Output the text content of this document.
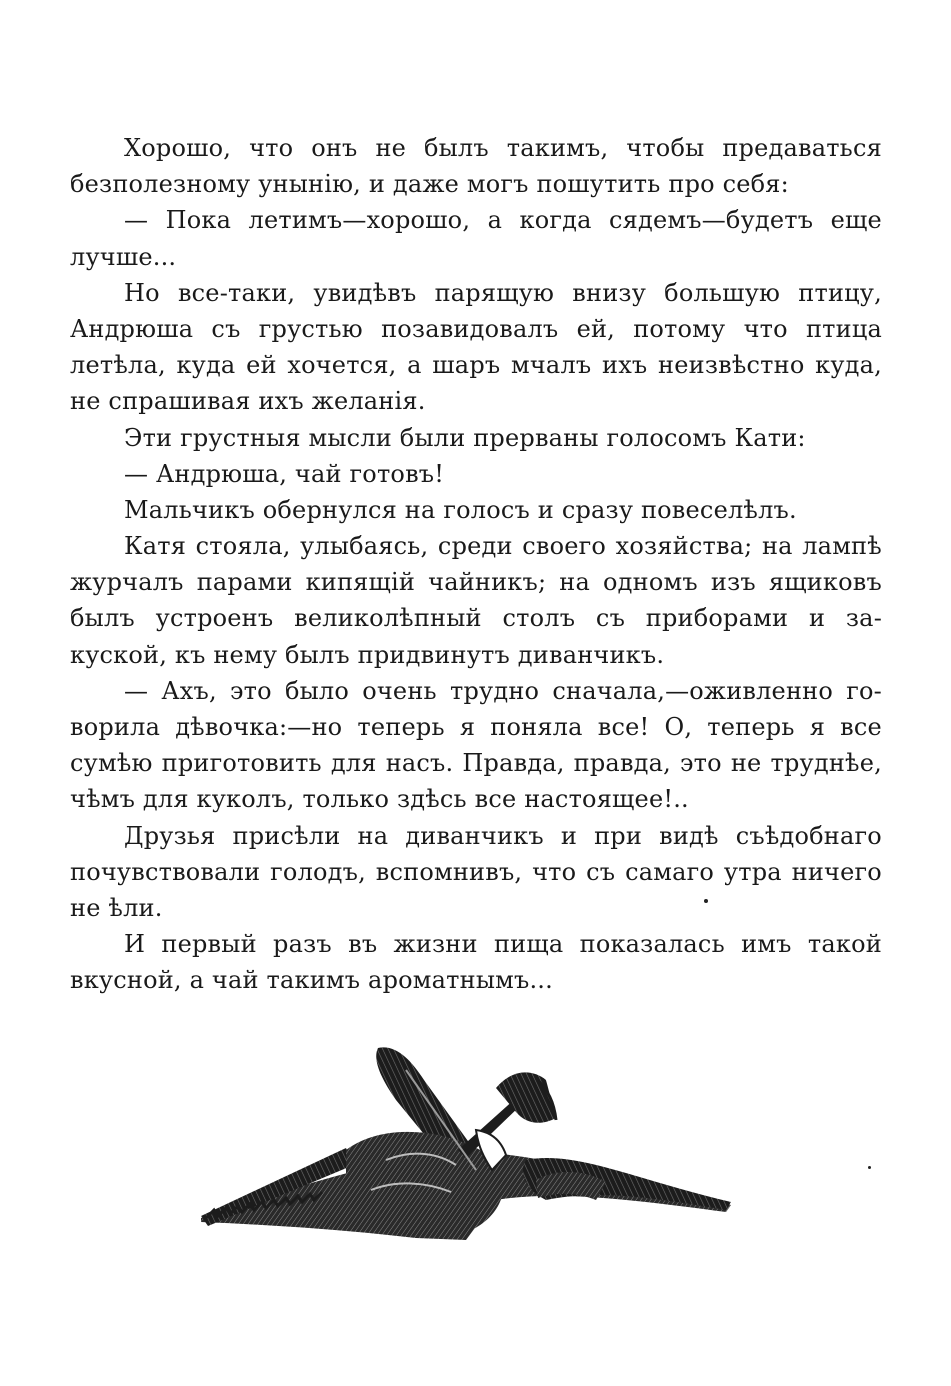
Хорошо, что онъ не былъ такимъ, чтобы предаваться
безполезному унынію, и даже могъ пошутить про себя:
— Пока летимъ—хорошо, а когда сядемъ—будетъ еще
лучше...
Но все-таки, увидѣвъ парящую внизу большую птицу,
Андрюша съ грустью позавидовалъ ей, потому что птица
летѣла, куда ей хочется, а шаръ мчалъ ихъ неизвѣстно куда,
не спрашивая ихъ желанія.
Эти грустныя мысли были прерваны голосомъ Кати:
— Андрюша, чай готовъ!
Мальчикъ обернулся на голосъ и сразу повеселѣлъ.
Катя стояла, улыбаясь, среди своего хозяйства; на лампѣ
журчалъ парами кипящій чайникъ; на одномъ изъ ящиковъ
былъ устроенъ великолѣпный столъ съ приборами и за-
куской, къ нему былъ придвинутъ диванчикъ.
— Ахъ, это было очень трудно сначала,—оживленно го-
ворила дѣвочка:—но теперь я поняла все! О, теперь я все
сумѣю приготовить для насъ. Правда, правда, это не труднѣе,
чѣмъ для куколъ, только здѣсь все настоящее!..
Друзья присѣли на диванчикъ и при видѣ съѣдобнаго
почувствовали голодъ, вспомнивъ, что съ самаго утра ничего
не ѣли.
И первый разъ въ жизни пища показалась имъ такой
вкусной, а чай такимъ ароматнымъ...
